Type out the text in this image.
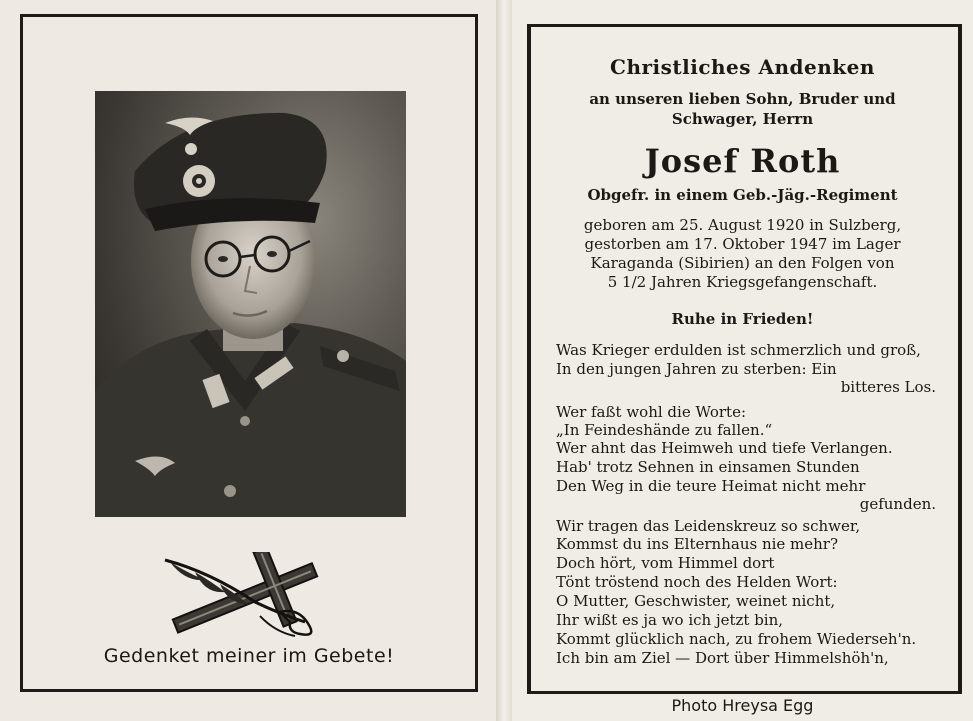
Gedenket meiner im Gebete!
Christliches Andenken
an unseren lieben Sohn, Bruder und
Schwager, Herrn
Josef Roth
Obgefr. in einem Geb.-Jäg.-Regiment
geboren am 25. August 1920 in Sulzberg,
gestorben am 17. Oktober 1947 im Lager
Karaganda (Sibirien) an den Folgen von
5 1/2 Jahren Kriegsgefangenschaft.
Ruhe in Frieden!
Was Krieger erdulden ist schmerzlich und groß,
In den jungen Jahren zu sterben: Ein
bitteres Los.
Wer faßt wohl die Worte:
„In Feindeshände zu fallen.“
Wer ahnt das Heimweh und tiefe Verlangen.
Hab' trotz Sehnen in einsamen Stunden
Den Weg in die teure Heimat nicht mehr
gefunden.
Wir tragen das Leidenskreuz so schwer,
Kommst du ins Elternhaus nie mehr?
Doch hört, vom Himmel dort
Tönt tröstend noch des Helden Wort:
O Mutter, Geschwister, weinet nicht,
Ihr wißt es ja wo ich jetzt bin,
Kommt glücklich nach, zu frohem Wiederseh'n.
Ich bin am Ziel — Dort über Himmelshöh'n,
Photo Hreysa Egg
